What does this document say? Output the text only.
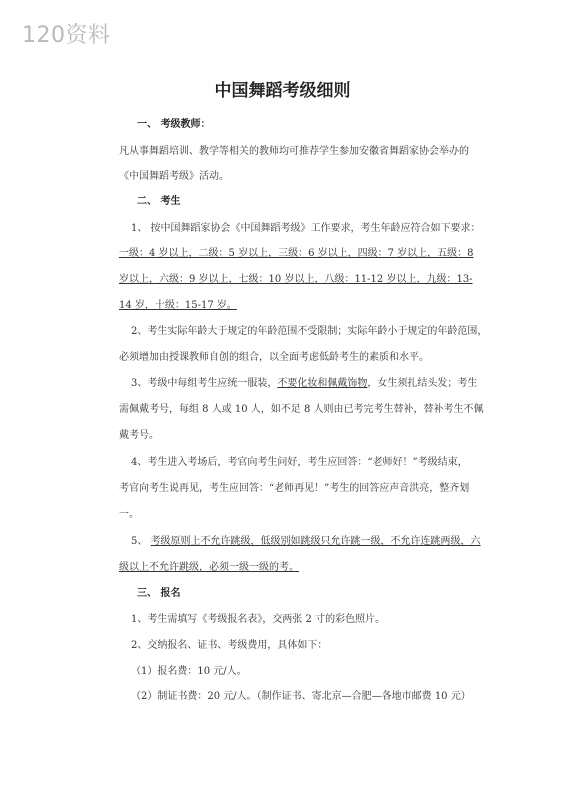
120资料
中国舞蹈考级细则
一、 考级教师：
凡从事舞蹈培训、教学等相关的教师均可推荐学生参加安徽省舞蹈家协会举办的
《中国舞蹈考级》活动。
二、 考生
1、 按中国舞蹈家协会《中国舞蹈考级》工作要求，考生年龄应符合如下要求：
一级：4 岁以上，二级：5 岁以上，三级：6 岁以上，四级：7 岁以上，五级：8
岁以上，六级：9 岁以上，七级：10 岁以上，八级：11-12 岁以上，九级：13-
14 岁，十级：15-17 岁。
2、考生实际年龄大于规定的年龄范围不受限制；实际年龄小于规定的年龄范围，
必须增加由授课教师自创的组合，以全面考虑低龄考生的素质和水平。
3、考级中每组考生应统一服装，不要化妆和佩戴饰物，女生须扎结头发；考生
需佩戴考号，每组 8 人或 10 人，如不足 8 人则由已考完考生替补，替补考生不佩
戴考号。
4、考生进入考场后，考官向考生问好，考生应回答：“老师好！”考级结束，
考官向考生说再见，考生应回答：“老师再见！”考生的回答应声音洪亮，整齐划
一。
5、 考级原则上不允许跳级，低级别如跳级只允许跳一级，不允许连跳两级，六
级以上不允许跳级，必须一级一级的考。
三、 报名
1、考生需填写《考级报名表》，交两张 2 寸的彩色照片。
2、交纳报名、证书、考级费用，具体如下：
（1）报名费：10 元/人。
（2）制证书费：20 元/人。（制作证书、寄北京—合肥—各地市邮费 10 元）
